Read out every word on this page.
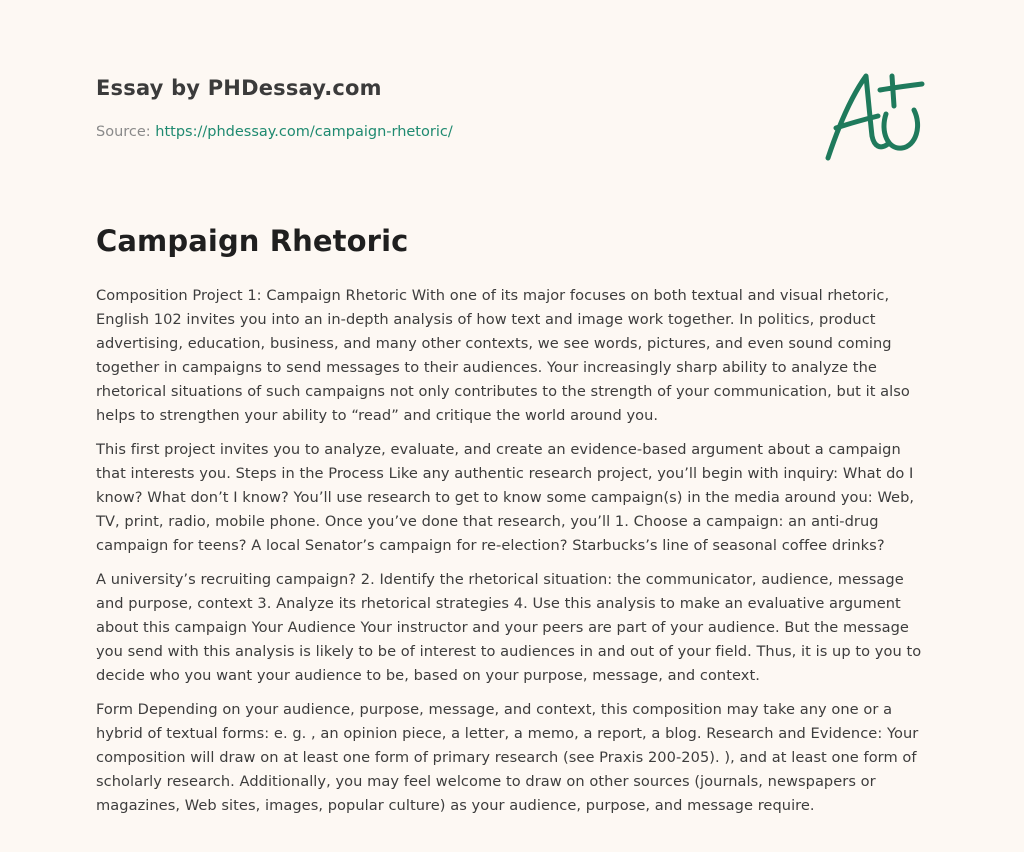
Essay by PHDessay.com

Source: https://phdessay.com/campaign-rhetoric/

Campaign Rhetoric

Composition Project 1: Campaign Rhetoric With one of its major focuses on both textual and visual rhetoric, English 102 invites you into an in-depth analysis of how text and image work together. In politics, product advertising, education, business, and many other contexts, we see words, pictures, and even sound coming together in campaigns to send messages to their audiences. Your increasingly sharp ability to analyze the rhetorical situations of such campaigns not only contributes to the strength of your communication, but it also helps to strengthen your ability to “read” and critique the world around you.

This first project invites you to analyze, evaluate, and create an evidence-based argument about a campaign that interests you. Steps in the Process Like any authentic research project, you’ll begin with inquiry: What do I know? What don’t I know? You’ll use research to get to know some campaign(s) in the media around you: Web, TV, print, radio, mobile phone. Once you’ve done that research, you’ll 1. Choose a campaign: an anti-drug campaign for teens? A local Senator’s campaign for re-election? Starbucks’s line of seasonal coffee drinks?

A university’s recruiting campaign? 2. Identify the rhetorical situation: the communicator, audience, message and purpose, context 3. Analyze its rhetorical strategies 4. Use this analysis to make an evaluative argument about this campaign Your Audience Your instructor and your peers are part of your audience. But the message you send with this analysis is likely to be of interest to audiences in and out of your field. Thus, it is up to you to decide who you want your audience to be, based on your purpose, message, and context.

Form Depending on your audience, purpose, message, and context, this composition may take any one or a hybrid of textual forms: e. g. , an opinion piece, a letter, a memo, a report, a blog. Research and Evidence: Your composition will draw on at least one form of primary research (see Praxis 200-205). ), and at least one form of scholarly research. Additionally, you may feel welcome to draw on other sources (journals, newspapers or magazines, Web sites, images, popular culture) as your audience, purpose, and message require.
